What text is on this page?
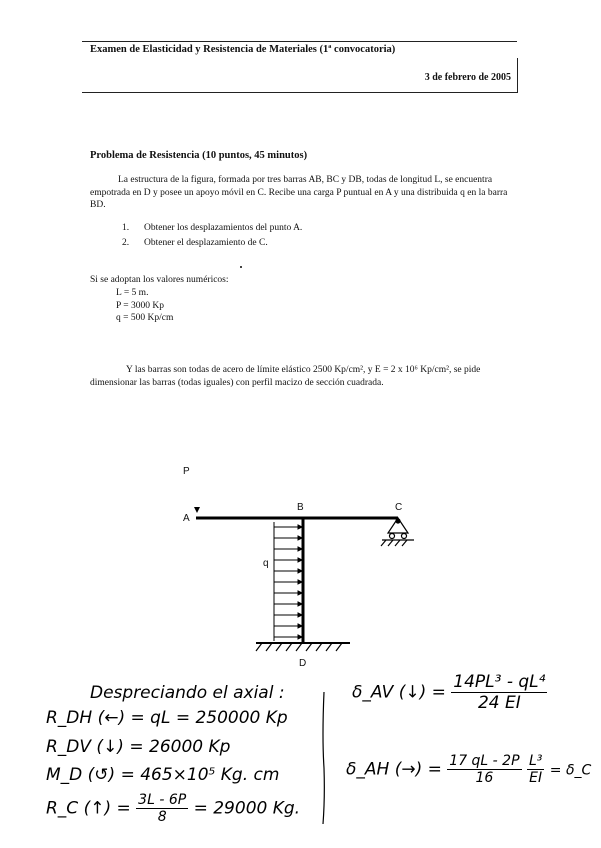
Examen de Elasticidad y Resistencia de Materiales (1ª convocatoria)
3 de febrero de 2005
Problema de Resistencia (10 puntos, 45 minutos)
La estructura de la figura, formada por tres barras AB, BC y DB, todas de longitud L, se encuentra empotrada en D y posee un apoyo móvil en C. Recibe una carga P puntual en A y una distribuida q en la barra BD.
1. Obtener los desplazamientos del punto A.
2. Obtener el desplazamiento de C.
Si se adoptan los valores numéricos:
L = 5 m.
P = 3000 Kp
q = 500 Kp/cm
Y las barras son todas de acero de límite elástico 2500 Kp/cm², y E = 2 x 10⁶ Kp/cm², se pide dimensionar las barras (todas iguales) con perfil macizo de sección cuadrada.
P
A
B	C
q
D
Despreciando el axial :
R_DH (←) = qL = 250000 Kp
R_DV (↓) = 26000 Kp
M_D (↺) = 465×10⁵ Kg. cm
R_C (↑) = $\frac{3L - 6P}{8} = 29000$ Kg.
δ_AV (↓) = $\frac{\text{14PL³ - qL⁴}}{24 EI}$
δ_AH (→) = $\frac{17 qL - 2P}{16}$
$\frac{\text{L³}}{EI}$ = δ_C
